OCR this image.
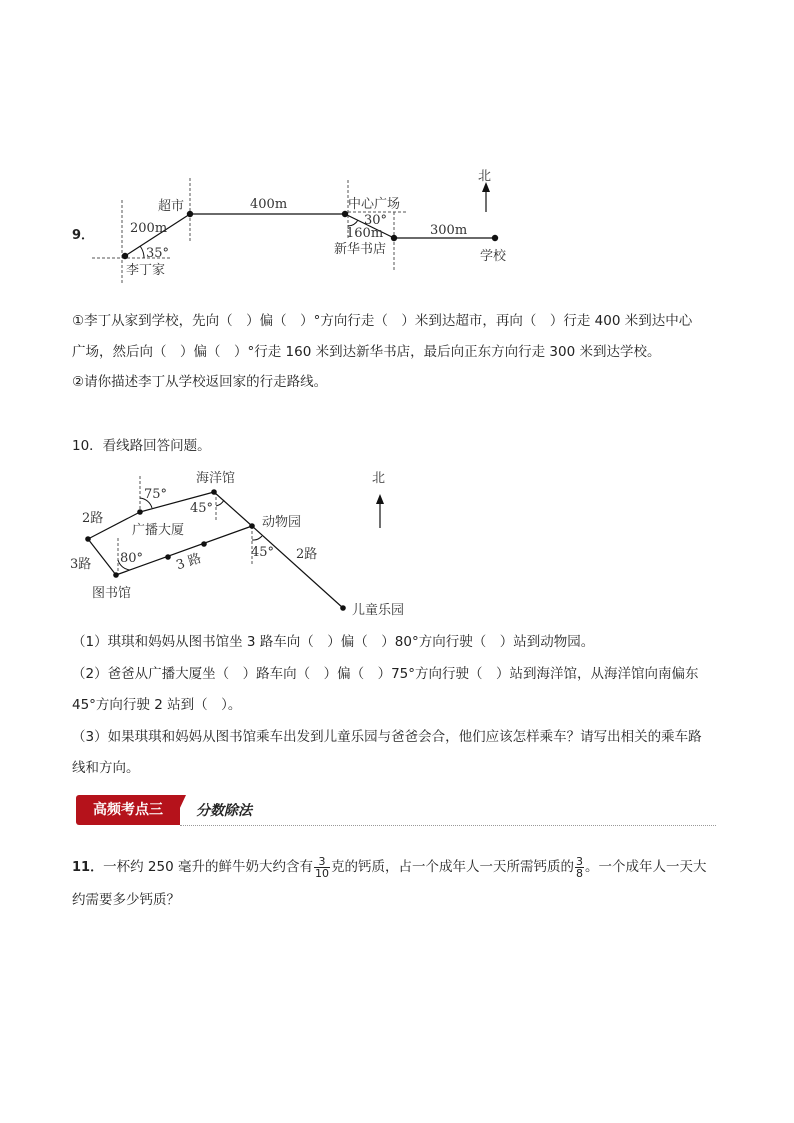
9．
超市
200m
35°
李丁家
400m	中心广场
30°
160m
新华书店
300m
学校
北
①李丁从家到学校，先向（　）偏（　）°方向行走（　）米到达超市，再向（　）行走 400 米到达中心
广场，然后向（　）偏（　）°行走 160 米到达新华书店，最后向正东方向行走 300 米到达学校。
②请你描述李丁从学校返回家的行走路线。
10．看线路回答问题。
海洋馆
75°
45°
广播大厦
2路	动物园
80°
3路	3 路	45° 2路
图书馆
儿童乐园
北
（1）琪琪和妈妈从图书馆坐 3 路车向（　）偏（　）80°方向行驶（　）站到动物园。
（2）爸爸从广播大厦坐（　）路车向（　）偏（　）75°方向行驶（　）站到海洋馆，从海洋馆向南偏东
45°方向行驶 2 站到（　）。
（3）如果琪琪和妈妈从图书馆乘车出发到儿童乐园与爸爸会合，他们应该怎样乘车？请写出相关的乘车路
线和方向。
高频考点三	分数除法
11．一杯约 250 毫升的鲜牛奶大约含有 $\frac{3}{10}$ 克的钙质，占一个成年人一天所需钙质的 $\frac{3}{8}$ 。一个成年人一天大
约需要多少钙质？
